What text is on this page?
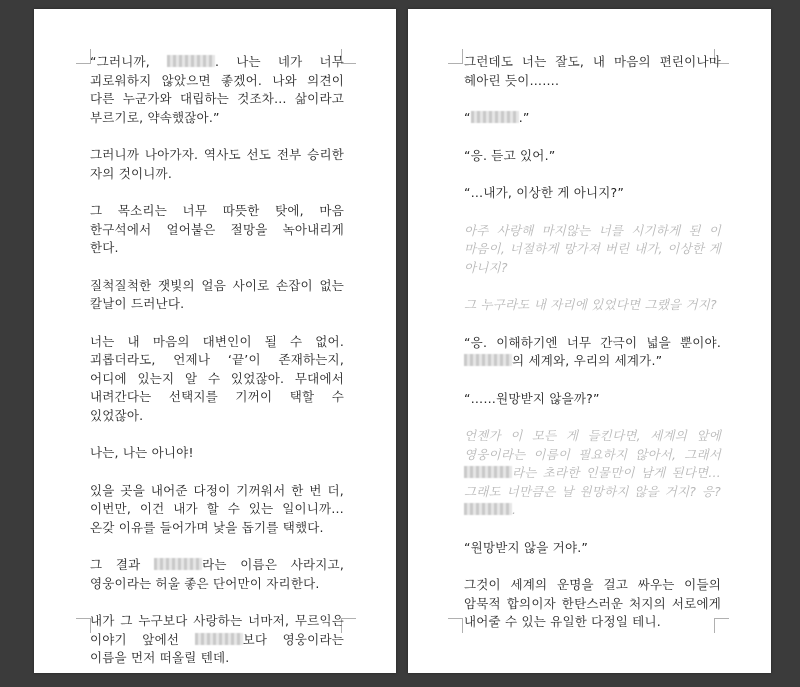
“그러니까,	. 나는 네가 너무 괴로워하지 않았으면 좋겠어. 나와 의견이 다른 누군가와 대립하는 것조차… 삶이라고 부르기로, 약속했잖아.”

그러니까 나아가자. 역사도 선도 전부 승리한 자의 것이니까.

그 목소리는 너무 따뜻한 탓에, 마음 한구석에서 얼어붙은 절망을 녹아내리게 한다.

질척질척한 잿빛의 얼음 사이로 손잡이 없는 칼날이 드러난다.

너는 내 마음의 대변인이 될 수 없어. 괴롭더라도, 언제나 ‘끝’이 존재하는지, 어디에 있는지 알 수 있었잖아. 무대에서 내려간다는 선택지를 기꺼이 택할 수 있었잖아.

나는, 나는 아니야!

있을 곳을 내어준 다정이 기꺼워서 한 번 더, 이번만, 이건 내가 할 수 있는 일이니까… 온갖 이유를 들어가며 낯을 돕기를 택했다.

그 결과	라는 이름은 사라지고, 영웅이라는 허울 좋은 단어만이 자리한다.

내가 그 누구보다 사랑하는 너마저, 무르익은 이야기 앞에선	보다 영웅이라는 이름을 먼저 떠올릴 텐데.

그런데도 너는 잘도, 내 마음의 편린이나마 헤아린 듯이…….

“	.”

“응. 듣고 있어.”

“…내가, 이상한 게 아니지?”

아주 사랑해 마지않는 너를 시기하게 된 이 마음이, 너절하게 망가져 버린 내가, 이상한 게 아니지?

그 누구라도 내 자리에 있었다면 그랬을 거지?

“응. 이해하기엔 너무 간극이 넓을 뿐이야. 의 세계와, 우리의 세계가.”

“……원망받지 않을까?”

언젠가 이 모든 게 들킨다면, 세계의 앞에 영웅이라는 이름이 필요하지 않아서, 그래서 라는 초라한 인물만이 남게 된다면… 그래도 너만큼은 날 원망하지 않을 거지? 응? .

“원망받지 않을 거야.”

그것이 세계의 운명을 걸고 싸우는 이들의 암묵적 합의이자 한탄스러운 처지의 서로에게 내어줄 수 있는 유일한 다정일 테니.
